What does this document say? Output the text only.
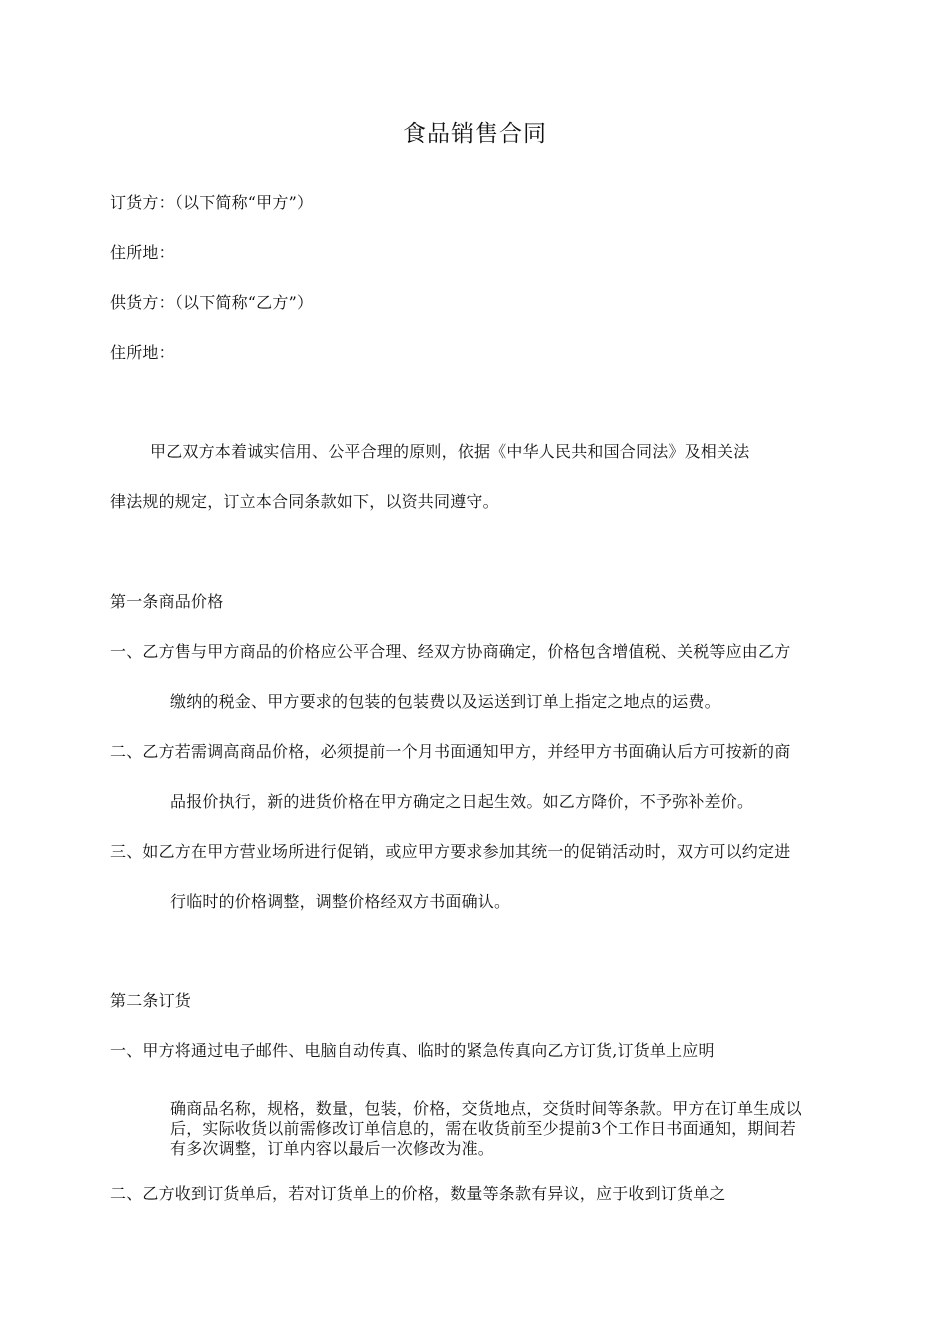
食品销售合同
订货方：（以下简称“甲方”）
住所地：
供货方：（以下简称“乙方”）
住所地：
甲乙双方本着诚实信用、公平合理的原则，依据《中华人民共和国合同法》及相关法
律法规的规定，订立本合同条款如下，以资共同遵守。
第一条商品价格
一、乙方售与甲方商品的价格应公平合理、经双方协商确定，价格包含增值税、关税等应由乙方
缴纳的税金、甲方要求的包装的包装费以及运送到订单上指定之地点的运费。
二、乙方若需调高商品价格，必须提前一个月书面通知甲方，并经甲方书面确认后方可按新的商
品报价执行，新的进货价格在甲方确定之日起生效。如乙方降价，不予弥补差价。
三、如乙方在甲方营业场所进行促销，或应甲方要求参加其统一的促销活动时，双方可以约定进
行临时的价格调整，调整价格经双方书面确认。
第二条订货
一、甲方将通过电子邮件、电脑自动传真、临时的紧急传真向乙方订货,订货单上应明
确商品名称，规格，数量，包装，价格，交货地点，交货时间等条款。甲方在订单生成以
后，实际收货以前需修改订单信息的，需在收货前至少提前3个工作日书面通知，期间若
有多次调整，订单内容以最后一次修改为准。
二、乙方收到订货单后，若对订货单上的价格，数量等条款有异议，应于收到订货单之
